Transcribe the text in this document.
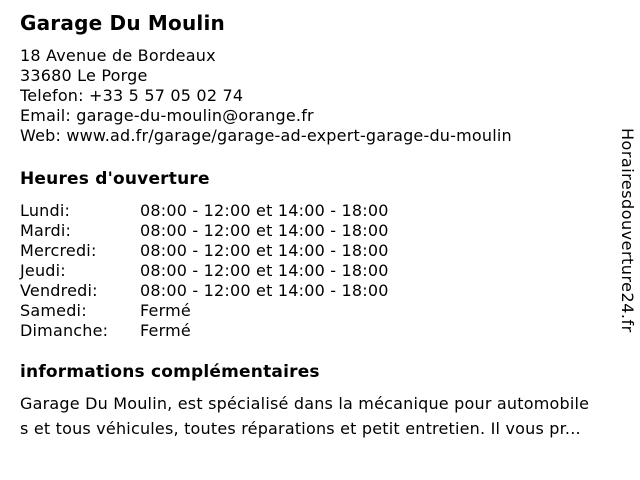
Garage Du Moulin
18 Avenue de Bordeaux
33680 Le Porge
Telefon: +33 5 57 05 02 74
Email: garage-du-moulin@orange.fr
Web: www.ad.fr/garage/garage-ad-expert-garage-du-moulin
Heures d'ouverture
Lundi:	08:00 - 12:00 et 14:00 - 18:00
Mardi:	08:00 - 12:00 et 14:00 - 18:00
Mercredi:	08:00 - 12:00 et 14:00 - 18:00
Jeudi:	08:00 - 12:00 et 14:00 - 18:00
Vendredi:	08:00 - 12:00 et 14:00 - 18:00
Samedi:	Fermé
Dimanche:	Fermé
informations complémentaires
Garage Du Moulin, est spécialisé dans la mécanique pour automobile
s et tous véhicules, toutes réparations et petit entretien. Il vous pr...
Horairesdouverture24.fr
